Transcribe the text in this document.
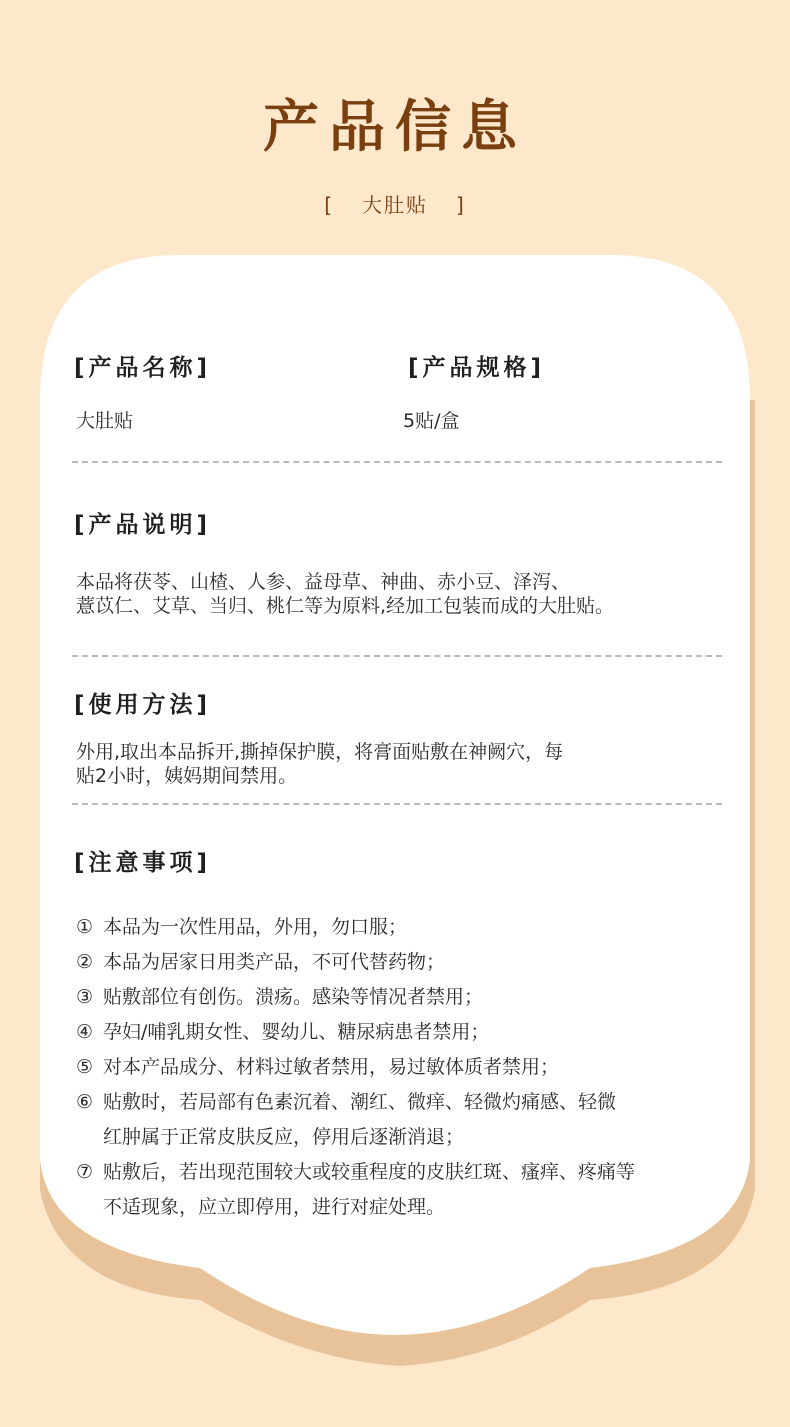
产品信息
[ 大肚贴 ]
[产品名称]
大肚贴
[产品规格]
5贴/盒
[产品说明]
本品将茯苓、山楂、人参、益母草、神曲、赤小豆、泽泻、
薏苡仁、艾草、当归、桃仁等为原料,经加工包装而成的大肚贴。
[使用方法]
外用,取出本品拆开,撕掉保护膜，将膏面贴敷在神阙穴，每
贴2小时，姨妈期间禁用。
[注意事项]
① 本品为一次性用品，外用，勿口服；
② 本品为居家日用类产品，不可代替药物；
③ 贴敷部位有创伤。溃疡。感染等情况者禁用；
④ 孕妇/哺乳期女性、婴幼儿、糖尿病患者禁用；
⑤ 对本产品成分、材料过敏者禁用，易过敏体质者禁用；
⑥ 贴敷时，若局部有色素沉着、潮红、微痒、轻微灼痛感、轻微红肿属于正常皮肤反应，停用后逐渐消退；
⑦ 贴敷后，若出现范围较大或较重程度的皮肤红斑、瘙痒、疼痛等不适现象，应立即停用，进行对症处理。
